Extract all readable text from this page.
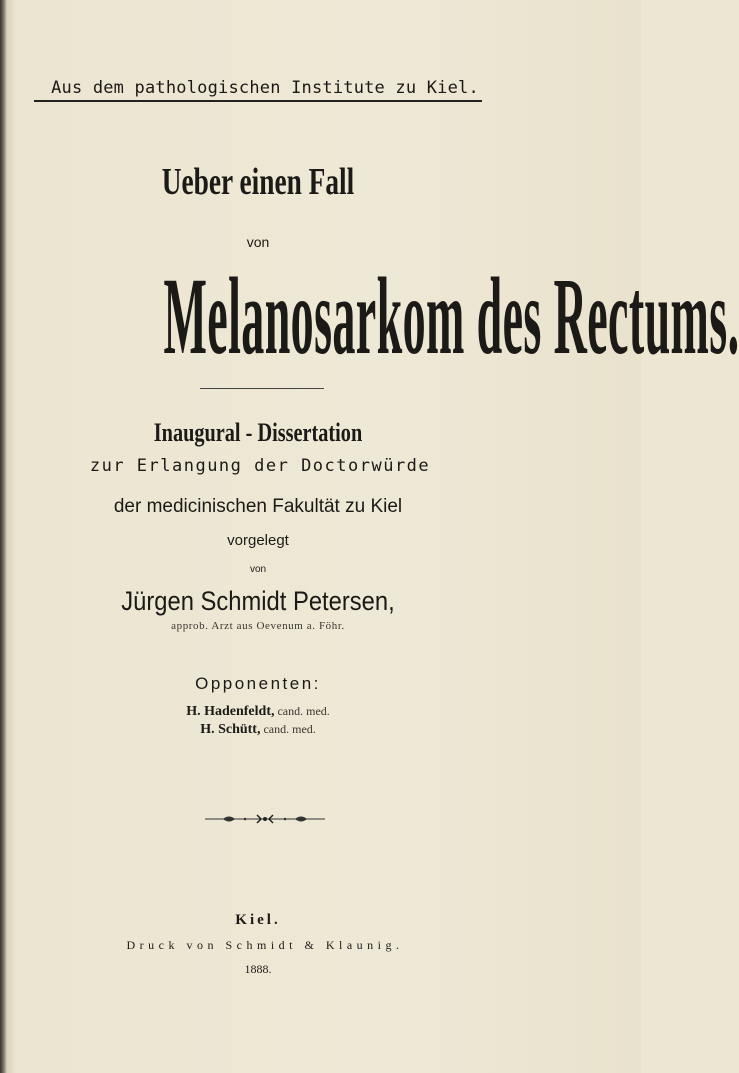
Aus dem pathologischen Institute zu Kiel.
Ueber einen Fall
von
Melanosarkom des Rectums.
Inaugural - Dissertation
zur Erlangung der Doctorwürde
der medicinischen Fakultät zu Kiel
vorgelegt
von
Jürgen Schmidt Petersen,
approb. Arzt aus Oevenum a. Föhr.
Opponenten:
H. Hadenfeldt, cand. med.
H. Schütt, cand. med.
Kiel.
Druck von Schmidt & Klaunig.
1888.
